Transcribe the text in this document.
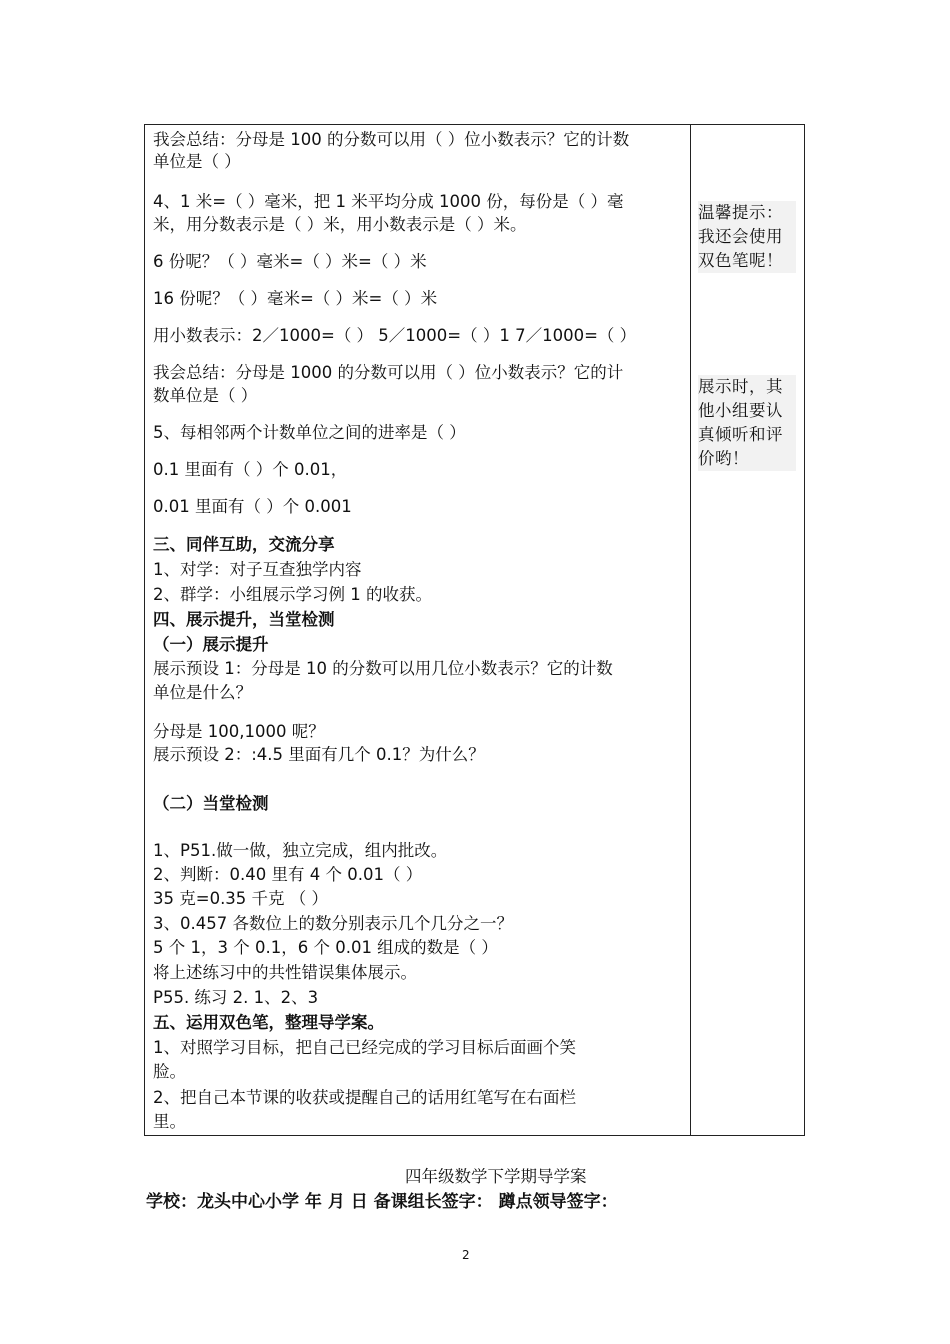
我会总结：分母是 100 的分数可以用（ ）位小数表示？它的计数
单位是（ ）
4、1 米=（ ）毫米，把 1 米平均分成 1000 份，每份是（ ）毫
米，用分数表示是（ ）米，用小数表示是（ ）米。
6 份呢？（ ）毫米=（ ）米=（ ）米
16 份呢？（ ）毫米=（ ）米=（ ）米
用小数表示：2／1000=（ ） 5／1000=（ ）1 7／1000=（ ）
我会总结：分母是 1000 的分数可以用（ ）位小数表示？它的计
数单位是（ ）
5、每相邻两个计数单位之间的进率是（ ）
0.1 里面有（ ）个 0.01，
0.01 里面有（ ）个 0.001
三、同伴互助，交流分享
1、对学：对子互查独学内容
2、群学：小组展示学习例 1 的收获。
四、展示提升，当堂检测
（一）展示提升
展示预设 1：分母是 10 的分数可以用几位小数表示？它的计数
单位是什么？
分母是 100,1000 呢？
展示预设 2：:4.5 里面有几个 0.1？为什么？
（二）当堂检测
1、P51.做一做，独立完成，组内批改。
2、判断：0.40 里有 4 个 0.01（ ）
35 克=0.35 千克 （ ）
3、0.457 各数位上的数分别表示几个几分之一？
5 个 1，3 个 0.1，6 个 0.01 组成的数是（ ）
将上述练习中的共性错误集体展示。
P55. 练习 2. 1、2、3
五、运用双色笔，整理导学案。
1、对照学习目标，把自己已经完成的学习目标后面画个笑
脸。
2、把自己本节课的收获或提醒自己的话用红笔写在右面栏
里。
温馨提示：我还会使用双色笔呢！
展示时，其他小组要认真倾听和评价哟！
四年级数学下学期导学案
学校：龙头中心小学 年 月 日 备课组长签字： 蹲点领导签字：
2
